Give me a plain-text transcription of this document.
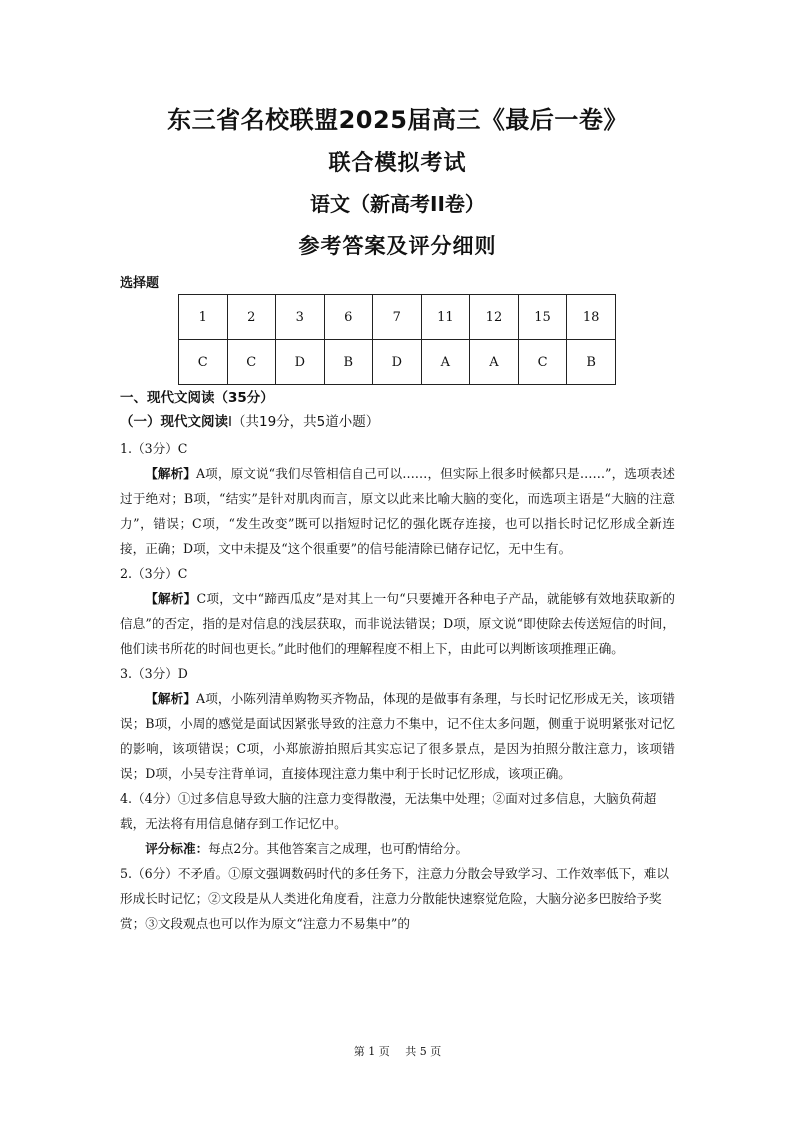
东三省名校联盟2025届高三《最后一卷》
联合模拟考试
语文（新高考II卷）
参考答案及评分细则
选择题
1	2	3	6	7	11	12	15	18
C	C	D	B	D	A	A	C	B
一、现代文阅读（35分）
（一）现代文阅读I（共19分，共5道小题）
1.（3分）C
【解析】A项，原文说“我们尽管相信自己可以……，但实际上很多时候都只是……”，选项表述过于绝对；B项，“结实”是针对肌肉而言，原文以此来比喻大脑的变化，而选项主语是“大脑的注意力”，错误；C项，“发生改变”既可以指短时记忆的强化既存连接，也可以指长时记忆形成全新连接，正确；D项，文中未提及“这个很重要”的信号能清除已储存记忆，无中生有。
2.（3分）C
【解析】C项，文中“蹄西瓜皮”是对其上一句“只要摊开各种电子产品，就能够有效地获取新的信息”的否定，指的是对信息的浅层获取，而非说法错误；D项，原文说“即使除去传送短信的时间，他们读书所花的时间也更长。”此时他们的理解程度不相上下，由此可以判断该项推理正确。
3.（3分）D
【解析】A项，小陈列清单购物买齐物品，体现的是做事有条理，与长时记忆形成无关，该项错误；B项，小周的感觉是面试因紧张导致的注意力不集中，记不住太多问题，侧重于说明紧张对记忆的影响，该项错误；C项，小郑旅游拍照后其实忘记了很多景点，是因为拍照分散注意力，该项错误；D项，小吴专注背单词，直接体现注意力集中利于长时记忆形成，该项正确。
4.（4分）①过多信息导致大脑的注意力变得散漫，无法集中处理；②面对过多信息，大脑负荷超载，无法将有用信息储存到工作记忆中。
评分标准：每点2分。其他答案言之成理，也可酌情给分。
5.（6分）不矛盾。①原文强调数码时代的多任务下，注意力分散会导致学习、工作效率低下，难以形成长时记忆；②文段是从人类进化角度看，注意力分散能快速察觉危险，大脑分泌多巴胺给予奖赏；③文段观点也可以作为原文“注意力不易集中”的
第 1 页 共 5 页
